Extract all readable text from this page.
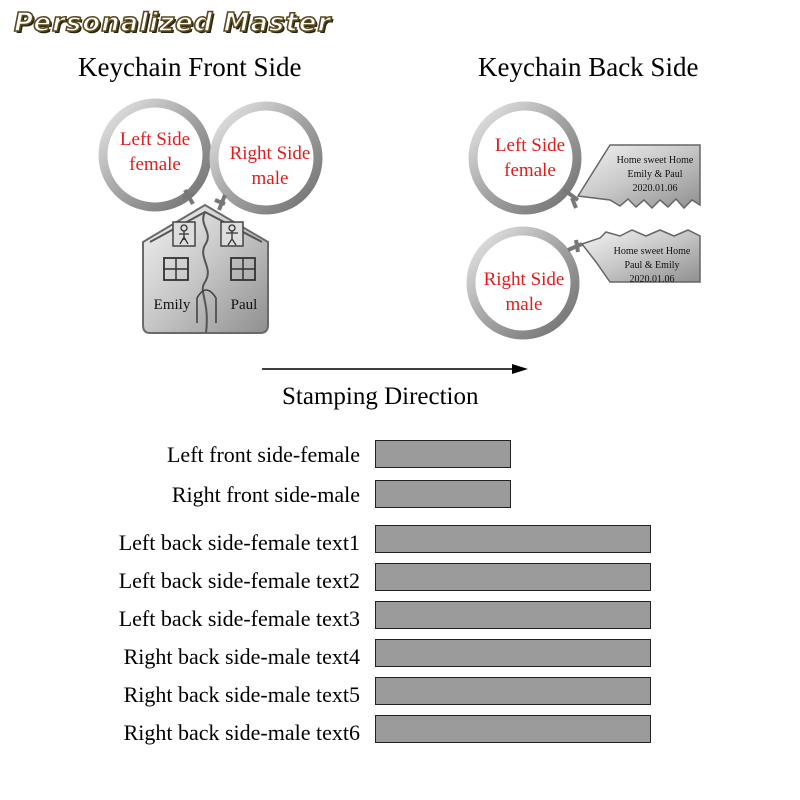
Personalized Master
Keychain Front Side	Keychain Back Side
Left Side
female
Right Side
male
Emily	Paul
Home sweet Home
Emily & Paul
2020.01.06
Left Side
female
Home sweet Home
Paul & Emily
2020.01.06
Right Side
male
Stamping Direction
Left front side-female
Right front side-male
Left back side-female text1
Left back side-female text2
Left back side-female text3
Right back side-male text4
Right back side-male text5
Right back side-male text6
